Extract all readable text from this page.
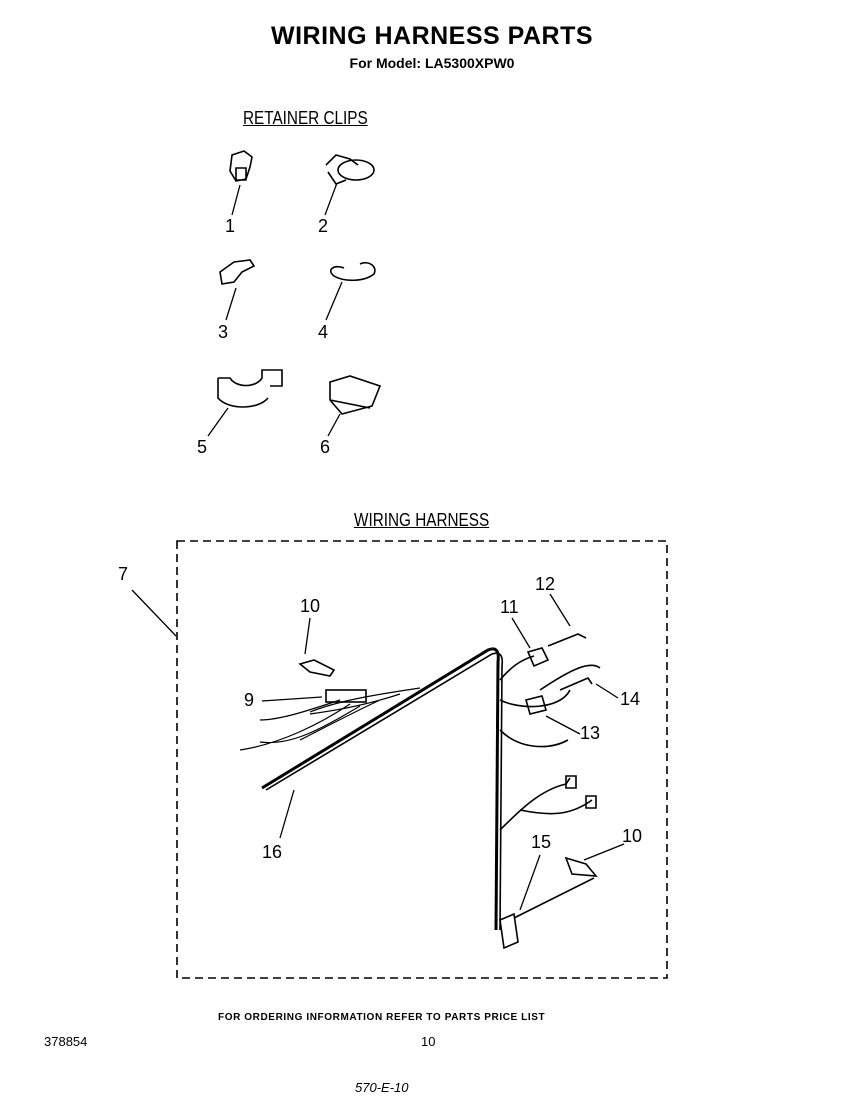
WIRING HARNESS PARTS
For Model: LA5300XPW0
RETAINER CLIPS
WIRING HARNESS
1	2
3	4
5	6
7
10
12
11
9	14
13
16	15	10
FOR ORDERING INFORMATION REFER TO PARTS PRICE LIST
378854	10
570-E-10
